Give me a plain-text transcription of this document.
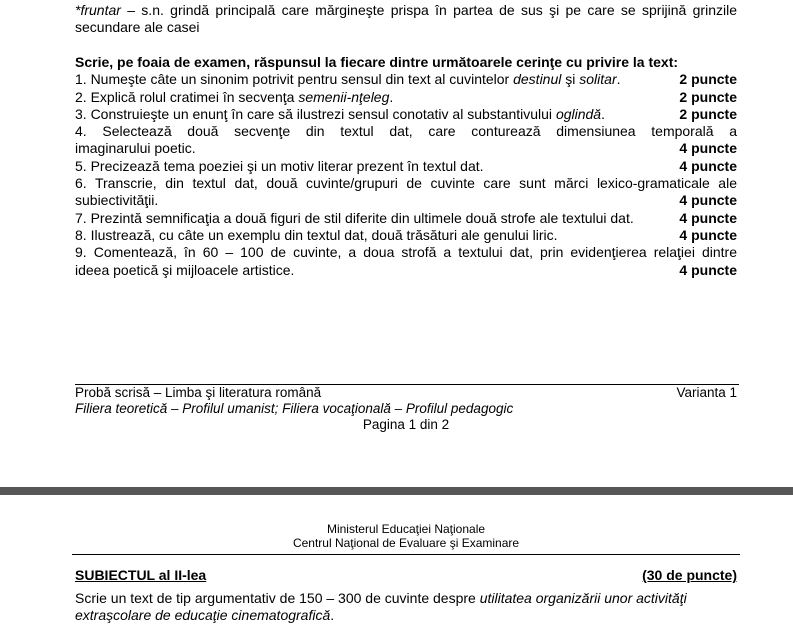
*fruntar – s.n. grindă principală care mărgineşte prispa în partea de sus şi pe care se sprijină grinzile secundare ale casei
Scrie, pe foaia de examen, răspunsul la fiecare dintre următoarele cerinţe cu privire la text:
1. Numeşte câte un sinonim potrivit pentru sensul din text al cuvintelor destinul şi solitar.	2 puncte
2. Explică rolul cratimei în secvenţa semenii-nţeleg.	2 puncte
3. Construieşte un enunţ în care să ilustrezi sensul conotativ al substantivului oglindă.	2 puncte
4. Selectează două secvenţe din textul dat, care conturează dimensiunea temporală a
imaginarului poetic.	4 puncte
5. Precizează tema poeziei şi un motiv literar prezent în textul dat.	4 puncte
6. Transcrie, din textul dat, două cuvinte/grupuri de cuvinte care sunt mărci lexico-gramaticale ale
subiectivităţii.	4 puncte
7. Prezintă semnificaţia a două figuri de stil diferite din ultimele două strofe ale textului dat.	4 puncte
8. Ilustrează, cu câte un exemplu din textul dat, două trăsături ale genului liric.	4 puncte
9. Comentează, în 60 – 100 de cuvinte, a doua strofă a textului dat, prin evidenţierea relaţiei dintre
ideea poetică şi mijloacele artistice.	4 puncte
Probă scrisă – Limba şi literatura română	Varianta 1
Filiera teoretică – Profilul umanist; Filiera vocaţională – Profilul pedagogic
Pagina 1 din 2
Ministerul Educaţiei Naţionale
Centrul Naţional de Evaluare şi Examinare
SUBIECTUL al II-lea	(30 de puncte)
Scrie un text de tip argumentativ de 150 – 300 de cuvinte despre utilitatea organizării unor activităţi extraşcolare de educaţie cinematografică.
